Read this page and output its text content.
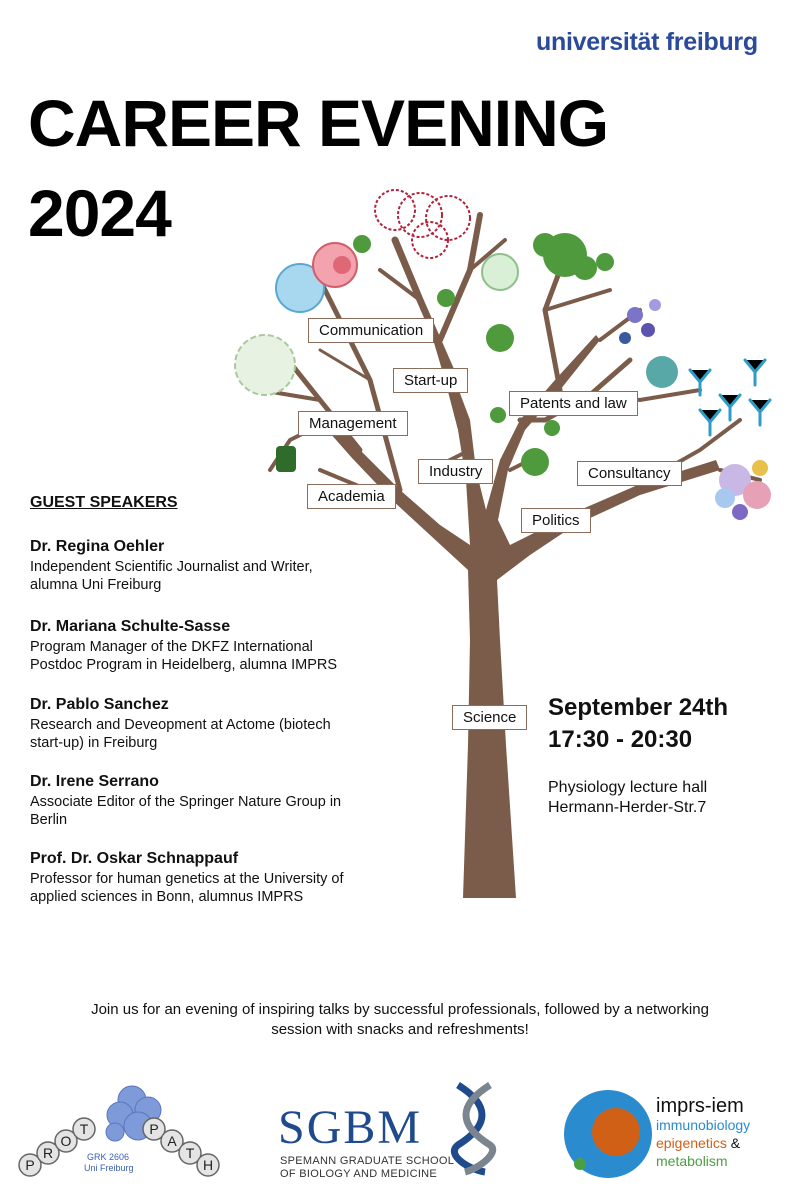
universität freiburg
CAREER EVENING
2024
Communication
Start-up
Management
Patents and law
Industry	Consultancy
Academia
Politics
Science
GUEST SPEAKERS
Dr. Regina Oehler
Independent Scientific Journalist and Writer,
alumna Uni Freiburg
Dr. Mariana Schulte-Sasse
Program Manager of the DKFZ International
Postdoc Program in Heidelberg, alumna IMPRS
Dr. Pablo Sanchez
Research and Deveopment at Actome (biotech
start-up) in Freiburg
Dr. Irene Serrano
Associate Editor of the Springer Nature Group in
Berlin
Prof. Dr. Oskar Schnappauf
Professor for human genetics at the University of
applied sciences in Bonn, alumnus IMPRS
September 24th
17:30 - 20:30
Physiology lecture hall
Hermann-Herder-Str.7
Join us for an evening of inspiring talks by successful professionals, followed by a networking
session with snacks and refreshments!
P
R
O
T	P
A
T
H
GRK 2606
Uni Freiburg
SGBM
SPEMANN GRADUATE SCHOOL
OF BIOLOGY AND MEDICINE
imprs-iem
immunobiology
epigenetics &
metabolism
